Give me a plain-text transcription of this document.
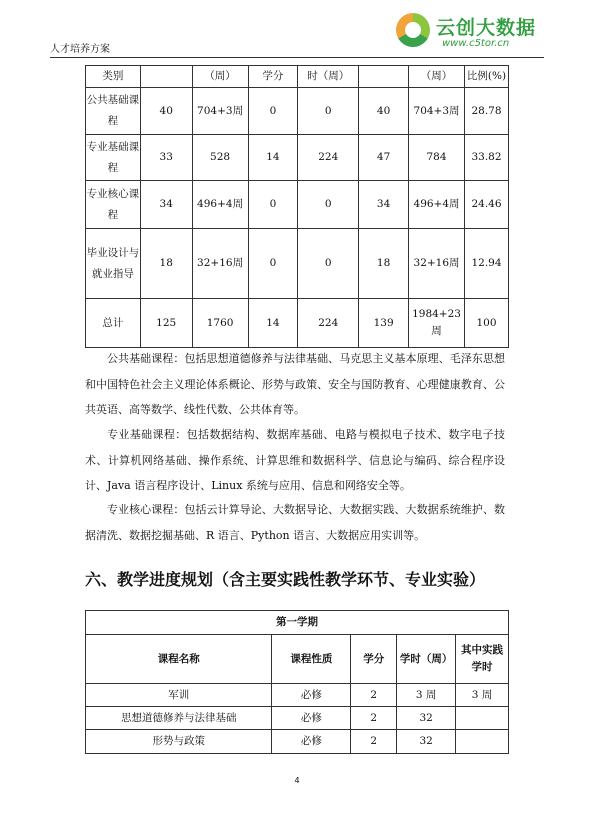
人才培养方案
云创大数据
www.c5tor.cn
类别		（周）	学分	时（周）		（周）	比例(%)
公共基础课程	40	704+3周	0	0	40	704+3周	28.78
专业基础课程	33	528	14	224	47	784	33.82
专业核心课程	34	496+4周	0	0	34	496+4周	24.46
毕业设计与就业指导	18	32+16周	0	0	18	32+16周	12.94
总计	125	1760	14	224	139	1984+23周	100
公共基础课程：包括思想道德修养与法律基础、马克思主义基本原理、毛泽东思想和中国特色社会主义理论体系概论、形势与政策、安全与国防教育、心理健康教育、公共英语、高等数学、线性代数、公共体育等。
专业基础课程：包括数据结构、数据库基础、电路与模拟电子技术、数字电子技术、计算机网络基础、操作系统、计算思维和数据科学、信息论与编码、综合程序设计、Java 语言程序设计、Linux 系统与应用、信息和网络安全等。
专业核心课程：包括云计算导论、大数据导论、大数据实践、大数据系统维护、数据清洗、数据挖掘基础、R 语言、Python 语言、大数据应用实训等。
六、教学进度规划（含主要实践性教学环节、专业实验）
第一学期				
课程名称	课程性质	学分	学时（周）	其中实践学时
军训	必修	2	3 周	3 周
思想道德修养与法律基础	必修	2	32	
形势与政策	必修	2	32	
4
